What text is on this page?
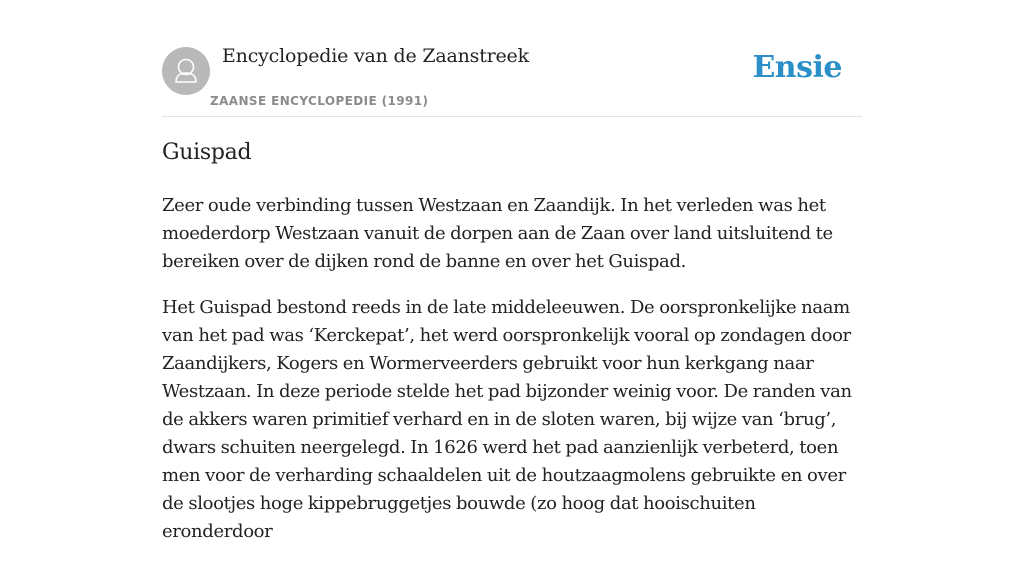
Encyclopedie van de Zaanstreek
ZAANSE ENCYCLOPEDIE (1991)
Ensie
Guispad

Zeer oude verbinding tussen Westzaan en Zaandijk. In het verleden was het moederdorp Westzaan vanuit de dorpen aan de Zaan over land uitsluitend te bereiken over de dijken rond de banne en over het Guispad.

Het Guispad bestond reeds in de late middeleeuwen. De oorspronkelijke naam van het pad was ‘Kerckepat’, het werd oorspronkelijk vooral op zondagen door Zaandijkers, Kogers en Wormerveerders gebruikt voor hun kerkgang naar Westzaan. In deze periode stelde het pad bijzonder weinig voor. De randen van de akkers waren primitief verhard en in de sloten waren, bij wijze van ‘brug’, dwars schuiten neergelegd. In 1626 werd het pad aanzienlijk verbeterd, toen men voor de verharding schaaldelen uit de houtzaagmolens gebruikte en over de slootjes hoge kippebruggetjes bouwde (zo hoog dat hooischuiten eronderdoor
